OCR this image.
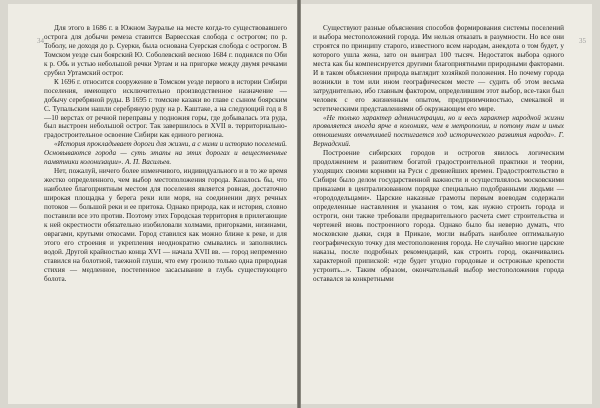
34

Для этого в 1686 г. в Южном Зауралье на месте когда-то существовавшего острога для добычи ремеза ставится Варвесская слобода с острогом; по р. Тоболу, не доходя до р. Суерки, была основана Суерская слобода с острогом. В Томском уезде сын боярский Ю. Соболевский весною 1684 г. поднялся по Оби к р. Обь и устью небольшой речки Уртам и на пригорке между двумя речками срубил Уртамский острог.

К 1696 г. относится сооружение в Томском уезде первого в истории Сибири поселения, имеющего исключительно производственное назначение — добычу серебряной руды. В 1695 г. томские казаки во главе с сыном боярским С. Тупальским нашли серебряную руду на р. Каштаке, а на следующий год в 8—10 верстах от речной переправы у подножия горы, где добывалась эта руда, был выстроен небольшой острог. Так завершилось в XVII в. территориально-градостроительное освоение Сибири как единого региона.

«История прокладывает дороги для жизни, а с ними и историю поселений. Основываются города — суть этапы на этих дорогах и вещественные памятники колонизации». А. П. Васильев.

Нет, пожалуй, ничего более изменчивого, индивидуального и в то же время жестко определенного, чем выбор местоположения города. Казалось бы, что наиболее благоприятным местом для поселения является ровная, достаточно широкая площадка у берега реки или моря, на соединении двух речных потоков — большой реки и ее притока. Однако природа, как и история, словно поставили все это против. Поэтому этих Городская территория в прилегающие к ней окрестности обязательно изобиловали холмами, пригорками, низинами, оврагами, крутыми откосами. Город ставился как можно ближе к реке, и для этого его строения и укрепления неоднократно смывались и заполнялись водой. Другой крайностью конца XVI — начала XVII вв. — город непременно ставился на болотной, таежной глуши, что ему грозило только одна природная стихия — медленное, постепенное засасывание в глубь существующего болота.

35

Существуют разные объяснения способов формирования системы поселений и выбора местоположений города. Им нельзя отказать в разумности. Но все они строятся по принципу старого, известного всем народам, анекдота о том будет, у которого ушла жена, зато он выиграл 100 тысяч. Недостаток выбора одного места как бы компенсируется другими благоприятными природными факторами. И в таком объяснении природа выглядит хозяйкой положения. Но почему города возникли в том или ином географическом месте — судить об этом весьма затруднительно, ибо главным фактором, определившим этот выбор, все-таки был человек с его жизненным опытом, предприимчивостью, смекалкой и эстетическими представлениями об окружающем его мире.

«Не только характер администрации, но и весь характер народной жизни проявляется иногда ярче в колониях, чем в метрополии, и потому там и иных отношениях отчетливей постигается ход исторического развития народа». Г. Вернадский.

Построение сибирских городов и острогов явилось логическим продолжением и развитием богатой градостроительной практики и теории, уходящих своими корнями на Руси с древнейших времен. Градостроительство в Сибири было делом государственной важности и осуществлялось московскими приказами в централизованном порядке специально подобранными людьми — «горододельцами». Царские наказные грамоты первым воеводам содержали определенные наставления и указания о том, как нужно строить города и остроги, они также требовали предварительного расчета смет строительства и чертежей вновь построенного города. Однако было бы неверно думать, что московские дьяки, сидя в Приказе, могли выбрать наиболее оптимальную географическую точку для местоположения города. Не случайно многие царские наказы, после подробных рекомендаций, как строить город, оканчивались характерной припиской: «где будет угодно городовые и острожные крепости устроить...». Таким образом, окончательный выбор местоположения города оставался за конкретными
